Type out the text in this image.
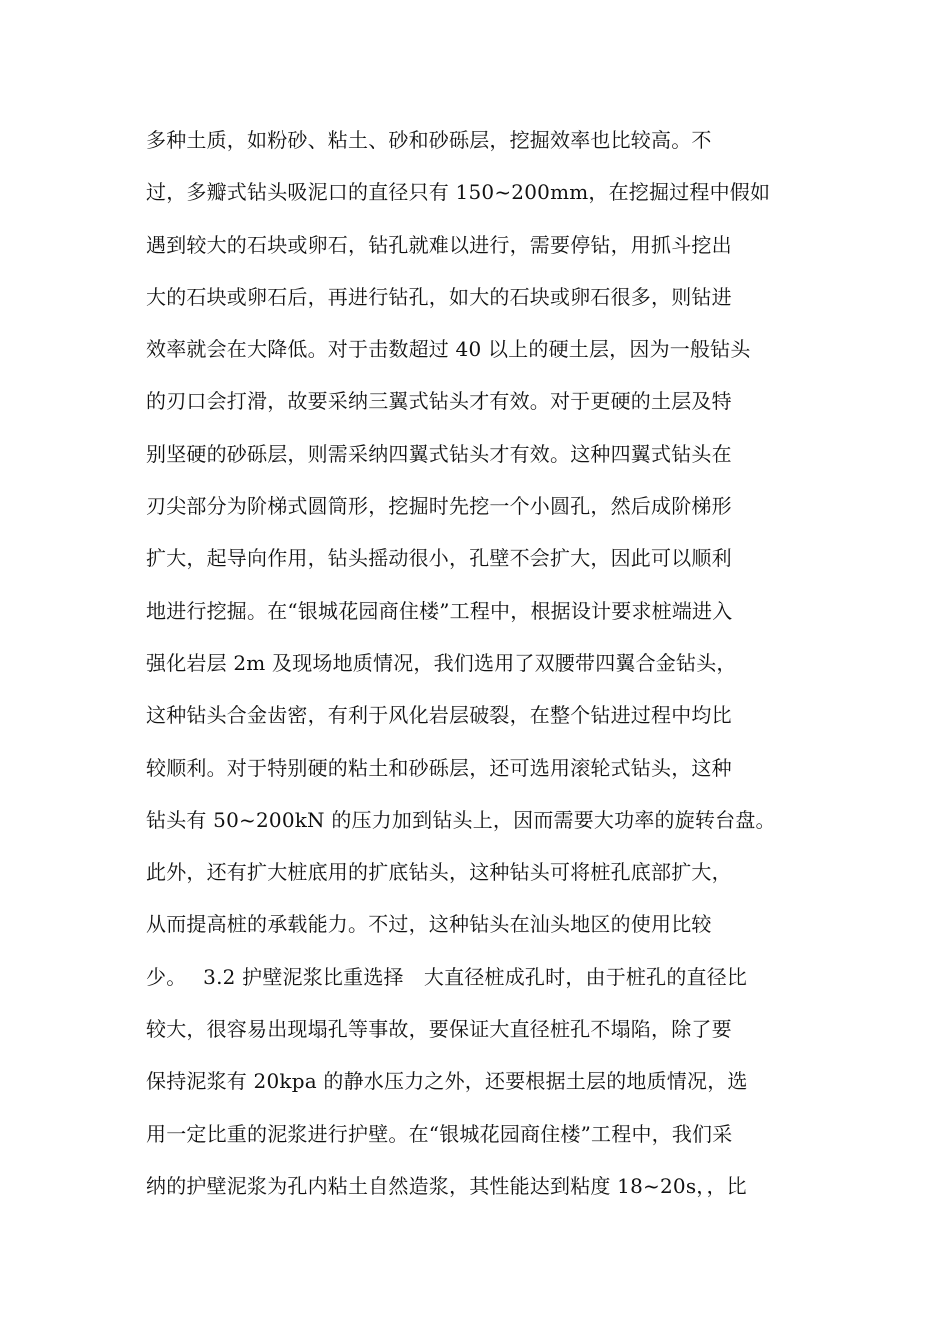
多种土质，如粉砂、粘土、砂和砂砾层，挖掘效率也比较高。不
过，多瓣式钻头吸泥口的直径只有 150~200mm，在挖掘过程中假如
遇到较大的石块或卵石，钻孔就难以进行，需要停钻，用抓斗挖出
大的石块或卵石后，再进行钻孔，如大的石块或卵石很多，则钻进
效率就会在大降低。对于击数超过 40 以上的硬土层，因为一般钻头
的刃口会打滑，故要采纳三翼式钻头才有效。对于更硬的土层及特
别坚硬的砂砾层，则需采纳四翼式钻头才有效。这种四翼式钻头在
刃尖部分为阶梯式圆筒形，挖掘时先挖一个小圆孔，然后成阶梯形
扩大，起导向作用，钻头摇动很小，孔壁不会扩大，因此可以顺利
地进行挖掘。在“银城花园商住楼”工程中，根据设计要求桩端进入
强化岩层 2m 及现场地质情况，我们选用了双腰带四翼合金钻头，
这种钻头合金齿密，有利于风化岩层破裂，在整个钻进过程中均比
较顺利。对于特别硬的粘土和砂砾层，还可选用滚轮式钻头，这种
钻头有 50~200kN 的压力加到钻头上，因而需要大功率的旋转台盘。
此外，还有扩大桩底用的扩底钻头，这种钻头可将桩孔底部扩大，
从而提高桩的承载能力。不过，这种钻头在汕头地区的使用比较
少。　 3.2 护壁泥浆比重选择　大直径桩成孔时，由于桩孔的直径比
较大，很容易出现塌孔等事故，要保证大直径桩孔不塌陷，除了要
保持泥浆有 20kpa 的静水压力之外，还要根据土层的地质情况，选
用一定比重的泥浆进行护壁。在“银城花园商住楼”工程中，我们采
纳的护壁泥浆为孔内粘土自然造浆，其性能达到粘度 18~20s，，比
